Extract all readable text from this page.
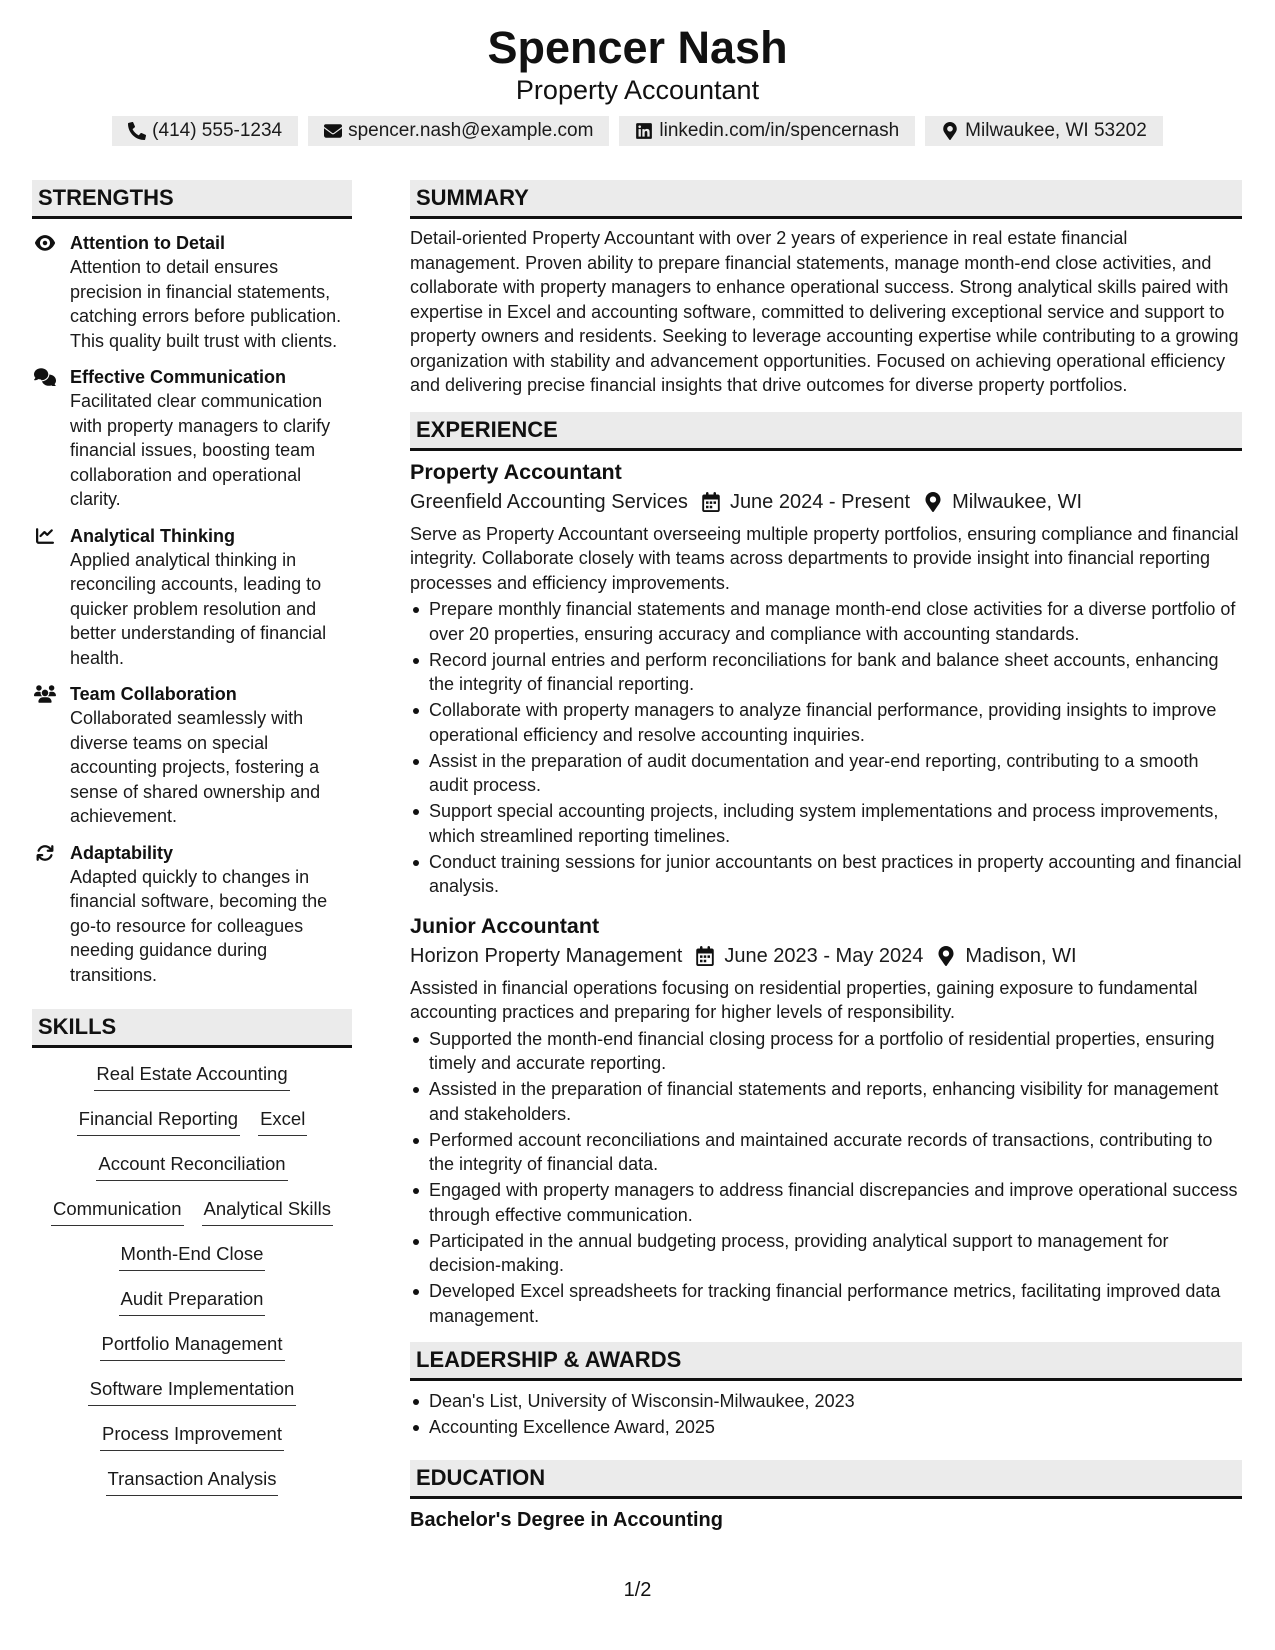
Spencer Nash
Property Accountant
(414) 555-1234	spencer.nash@example.com	linkedin.com/in/spencernash	Milwaukee, WI 53202
STRENGTHS
Attention to Detail
Attention to detail ensures precision in financial statements, catching errors before publication. This quality built trust with clients.
Effective Communication
Facilitated clear communication with property managers to clarify financial issues, boosting team collaboration and operational clarity.
Analytical Thinking
Applied analytical thinking in reconciling accounts, leading to quicker problem resolution and better understanding of financial health.
Team Collaboration
Collaborated seamlessly with diverse teams on special accounting projects, fostering a sense of shared ownership and achievement.
Adaptability
Adapted quickly to changes in financial software, becoming the go-to resource for colleagues needing guidance during transitions.
SKILLS
Real Estate Accounting
Financial Reporting Excel
Account Reconciliation
Communication Analytical Skills
Month-End Close
Audit Preparation
Portfolio Management
Software Implementation
Process Improvement
Transaction Analysis
SUMMARY
Detail-oriented Property Accountant with over 2 years of experience in real estate financial management. Proven ability to prepare financial statements, manage month-end close activities, and collaborate with property managers to enhance operational success. Strong analytical skills paired with expertise in Excel and accounting software, committed to delivering exceptional service and support to property owners and residents. Seeking to leverage accounting expertise while contributing to a growing organization with stability and advancement opportunities. Focused on achieving operational efficiency and delivering precise financial insights that drive outcomes for diverse property portfolios.
EXPERIENCE
Property Accountant
Greenfield Accounting Services June 2024 - Present Milwaukee, WI
Serve as Property Accountant overseeing multiple property portfolios, ensuring compliance and financial integrity. Collaborate closely with teams across departments to provide insight into financial reporting processes and efficiency improvements.
Prepare monthly financial statements and manage month-end close activities for a diverse portfolio of over 20 properties, ensuring accuracy and compliance with accounting standards.
Record journal entries and perform reconciliations for bank and balance sheet accounts, enhancing the integrity of financial reporting.
Collaborate with property managers to analyze financial performance, providing insights to improve operational efficiency and resolve accounting inquiries.
Assist in the preparation of audit documentation and year-end reporting, contributing to a smooth audit process.
Support special accounting projects, including system implementations and process improvements, which streamlined reporting timelines.
Conduct training sessions for junior accountants on best practices in property accounting and financial analysis.
Junior Accountant
Horizon Property Management June 2023 - May 2024 Madison, WI
Assisted in financial operations focusing on residential properties, gaining exposure to fundamental accounting practices and preparing for higher levels of responsibility.
Supported the month-end financial closing process for a portfolio of residential properties, ensuring timely and accurate reporting.
Assisted in the preparation of financial statements and reports, enhancing visibility for management and stakeholders.
Performed account reconciliations and maintained accurate records of transactions, contributing to the integrity of financial data.
Engaged with property managers to address financial discrepancies and improve operational success through effective communication.
Participated in the annual budgeting process, providing analytical support to management for decision-making.
Developed Excel spreadsheets for tracking financial performance metrics, facilitating improved data management.
LEADERSHIP & AWARDS
Dean's List, University of Wisconsin-Milwaukee, 2023
Accounting Excellence Award, 2025
EDUCATION
Bachelor's Degree in Accounting
1/2
